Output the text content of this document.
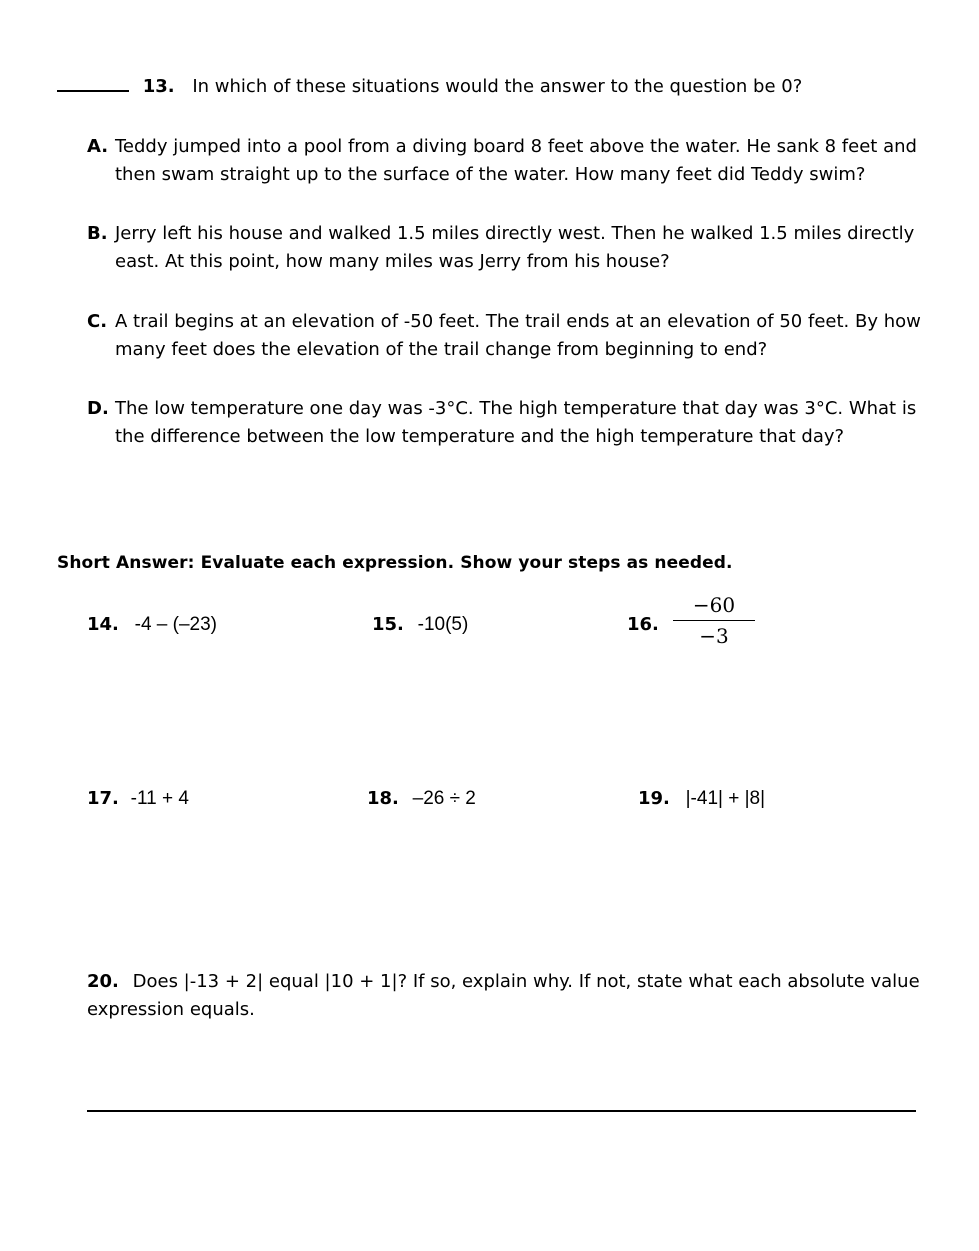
13. In which of these situations would the answer to the question be 0?
A. Teddy jumped into a pool from a diving board 8 feet above the water. He sank 8 feet and then swam straight up to the surface of the water. How many feet did Teddy swim?
B. Jerry left his house and walked 1.5 miles directly west. Then he walked 1.5 miles directly east. At this point, how many miles was Jerry from his house?
C. A trail begins at an elevation of -50 feet. The trail ends at an elevation of 50 feet. By how many feet does the elevation of the trail change from beginning to end?
D. The low temperature one day was -3°C. The high temperature that day was 3°C. What is the difference between the low temperature and the high temperature that day?
Short Answer: Evaluate each expression. Show your steps as needed.
14. -4 – (–23)	15. -10(5)	16.
−60
−3
17. -11 + 4	18. –26 ÷ 2	19. |-41| + |8|
20. Does |-13 + 2| equal |10 + 1|? If so, explain why. If not, state what each absolute value expression equals.
